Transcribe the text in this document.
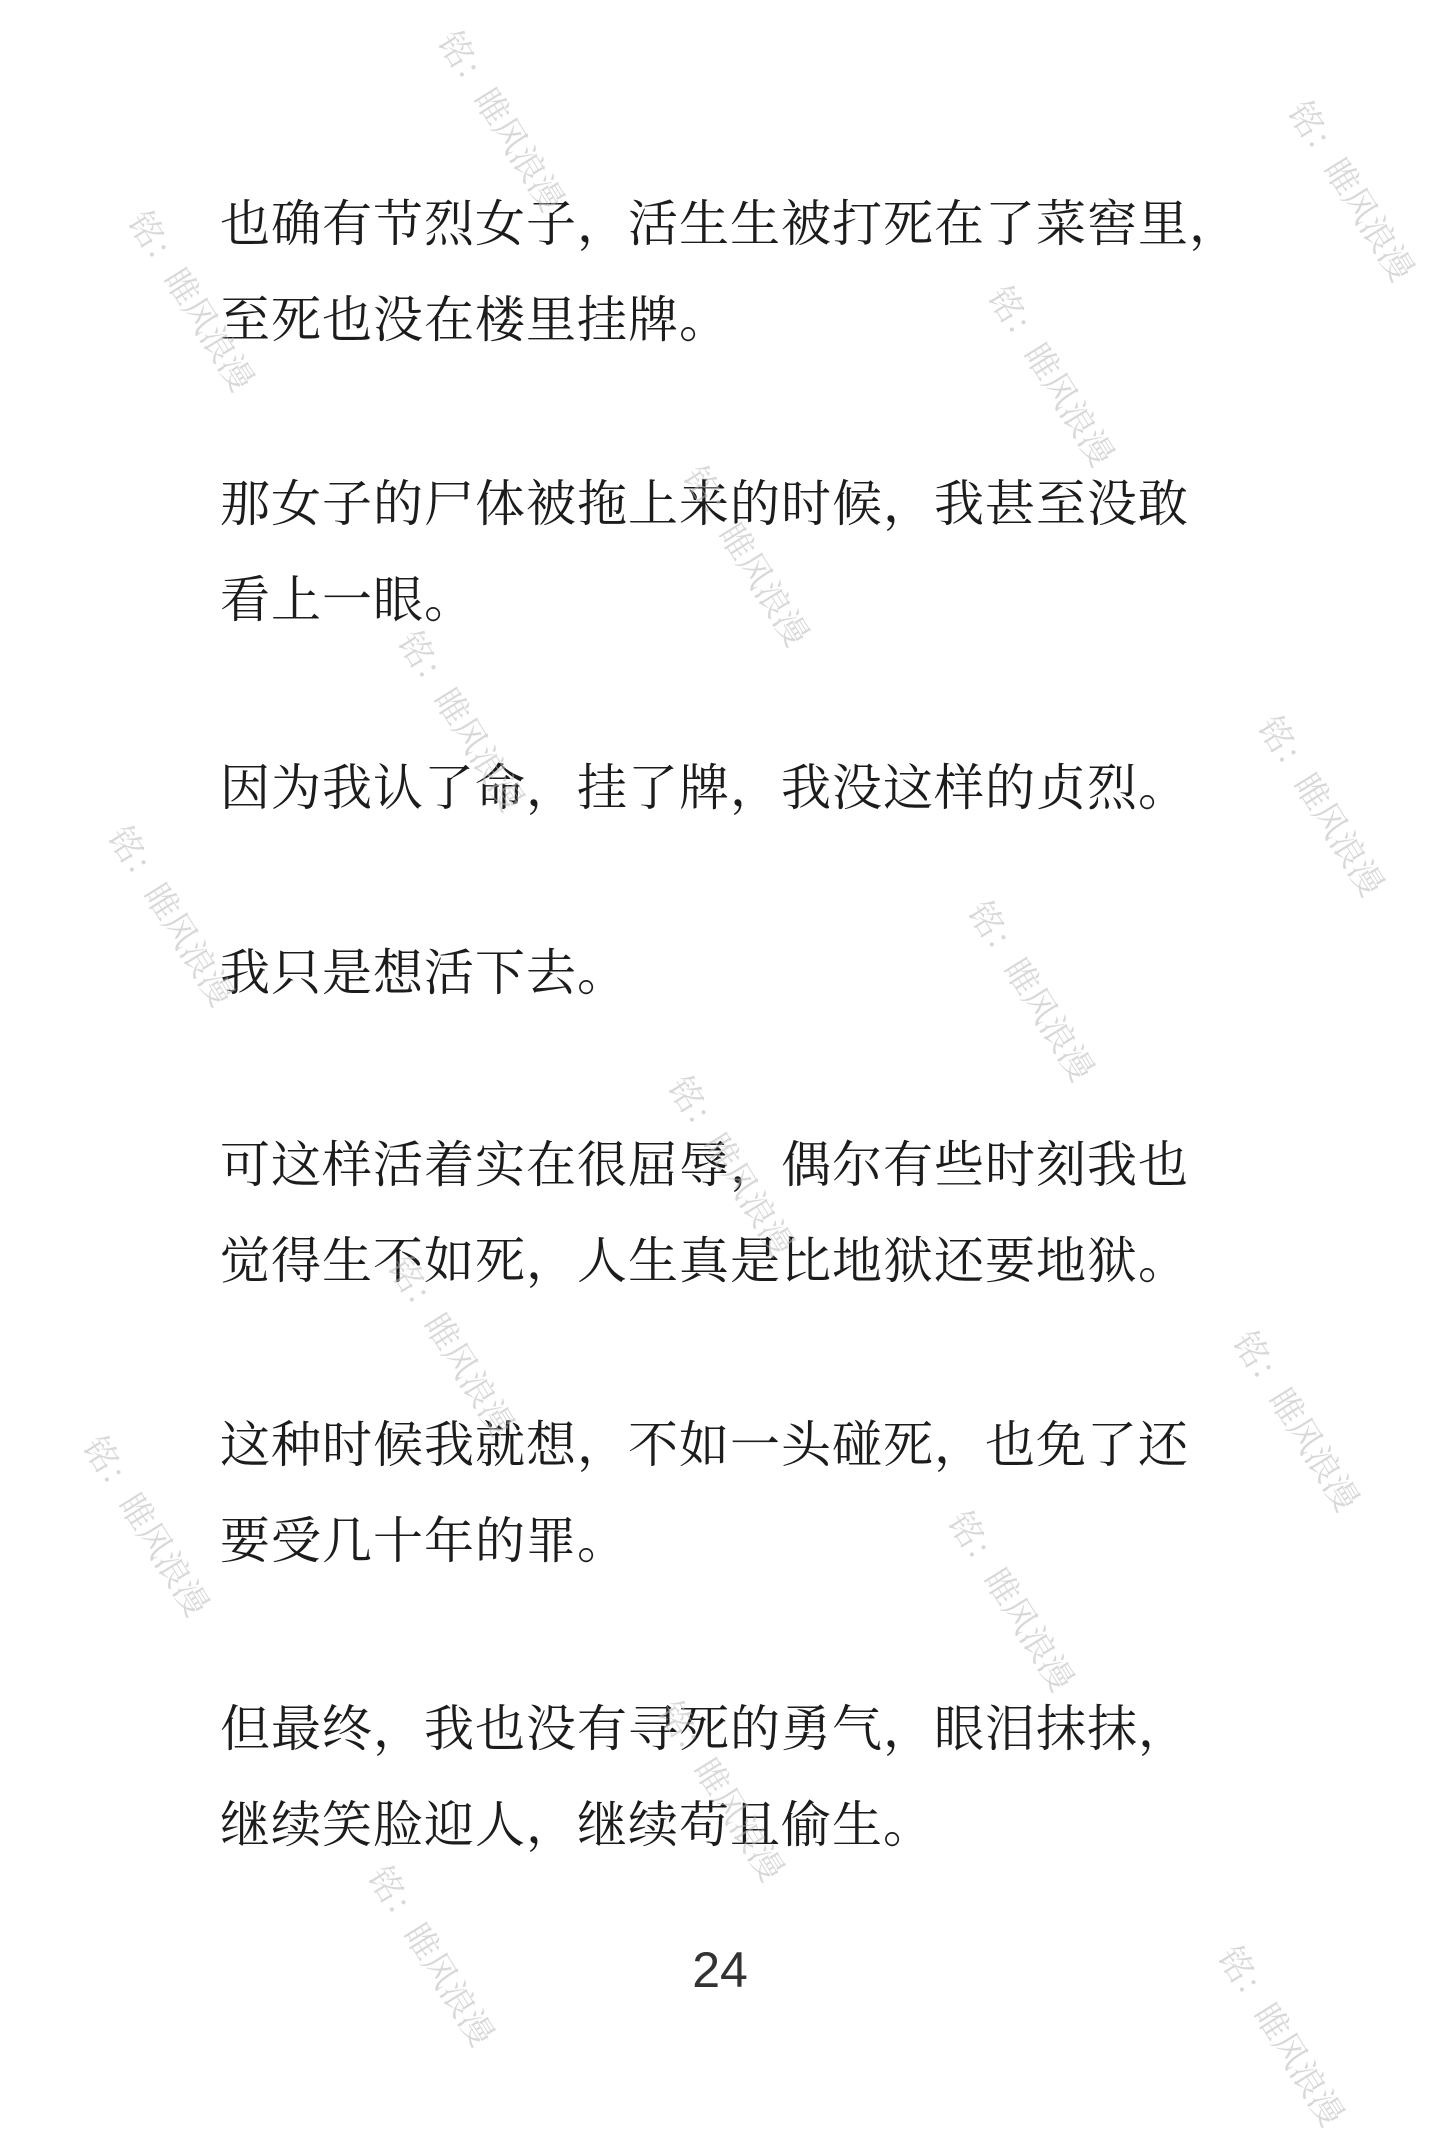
也确有节烈女子，活生生被打死在了菜窖里，
至死也没在楼里挂牌。
那女子的尸体被拖上来的时候，我甚至没敢
看上一眼。
因为我认了命，挂了牌，我没这样的贞烈。
我只是想活下去。
可这样活着实在很屈辱，偶尔有些时刻我也
觉得生不如死，人生真是比地狱还要地狱。
这种时候我就想，不如一头碰死，也免了还
要受几十年的罪。
但最终，我也没有寻死的勇气，眼泪抹抹，
继续笑脸迎人，继续苟且偷生。
24
铭：睢风浪漫	铭：睢风浪漫
铭：睢风浪漫	铭：睢风浪漫
铭：睢风浪漫
铭：睢风浪漫	铭：睢风浪漫
铭：睢风浪漫	铭：睢风浪漫
铭：睢风浪漫
铭：睢风浪漫	铭：睢风浪漫
铭：睢风浪漫	铭：睢风浪漫
铭：睢风浪漫
铭：睢风浪漫	铭：睢风浪漫
